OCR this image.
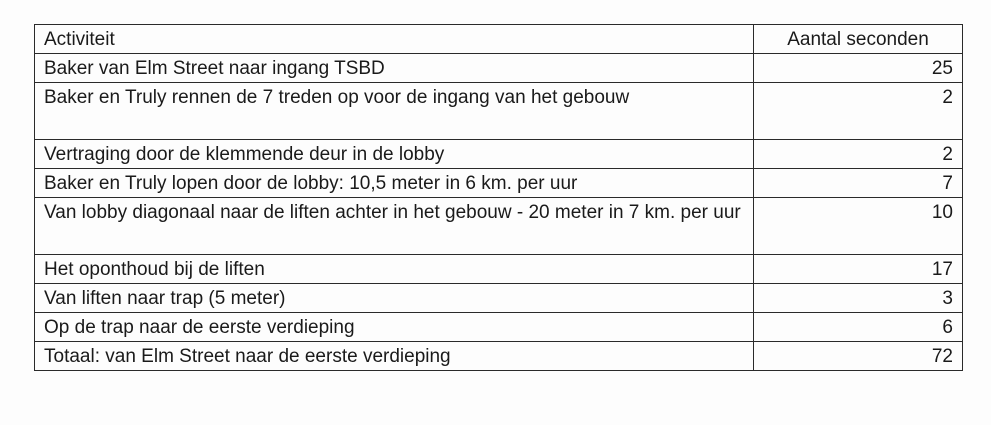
Activiteit	Aantal seconden
Baker van Elm Street naar ingang TSBD	25
Baker en Truly rennen de 7 treden op voor de ingang van het gebouw	2
Vertraging door de klemmende deur in de lobby	2
Baker en Truly lopen door de lobby: 10,5 meter in 6 km. per uur	7
Van lobby diagonaal naar de liften achter in het gebouw - 20 meter in 7 km. per uur	10
Het oponthoud bij de liften	17
Van liften naar trap (5 meter)	3
Op de trap naar de eerste verdieping	6
Totaal: van Elm Street naar de eerste verdieping	72
